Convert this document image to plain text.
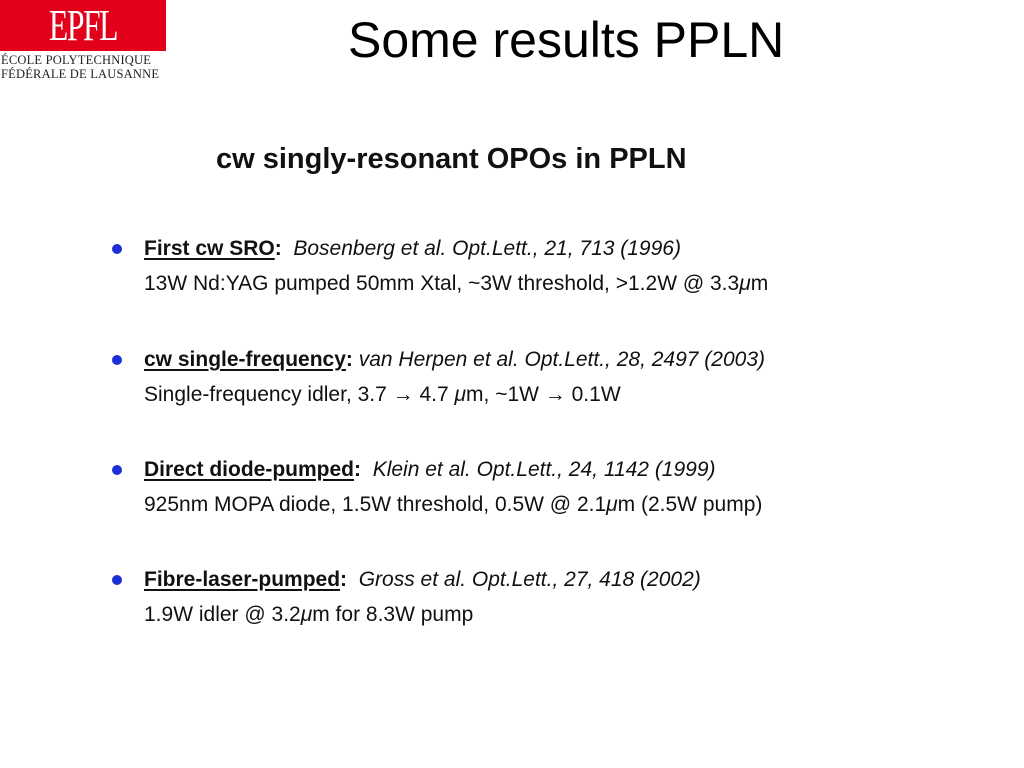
EPFL
ÉCOLE POLYTECHNIQUE
FÉDÉRALE DE LAUSANNE
Some results PPLN
cw singly-resonant OPOs in PPLN
First cw SRO: Bosenberg et al. Opt.Lett., 21, 713 (1996)
13W Nd:YAG pumped 50mm Xtal, ~3W threshold, >1.2W @ 3.3μm
cw single-frequency: van Herpen et al. Opt.Lett., 28, 2497 (2003)
Single-frequency idler, 3.7 → 4.7 μm, ~1W → 0.1W
Direct diode-pumped: Klein et al. Opt.Lett., 24, 1142 (1999)
925nm MOPA diode, 1.5W threshold, 0.5W @ 2.1μm (2.5W pump)
Fibre-laser-pumped: Gross et al. Opt.Lett., 27, 418 (2002)
1.9W idler @ 3.2μm for 8.3W pump
